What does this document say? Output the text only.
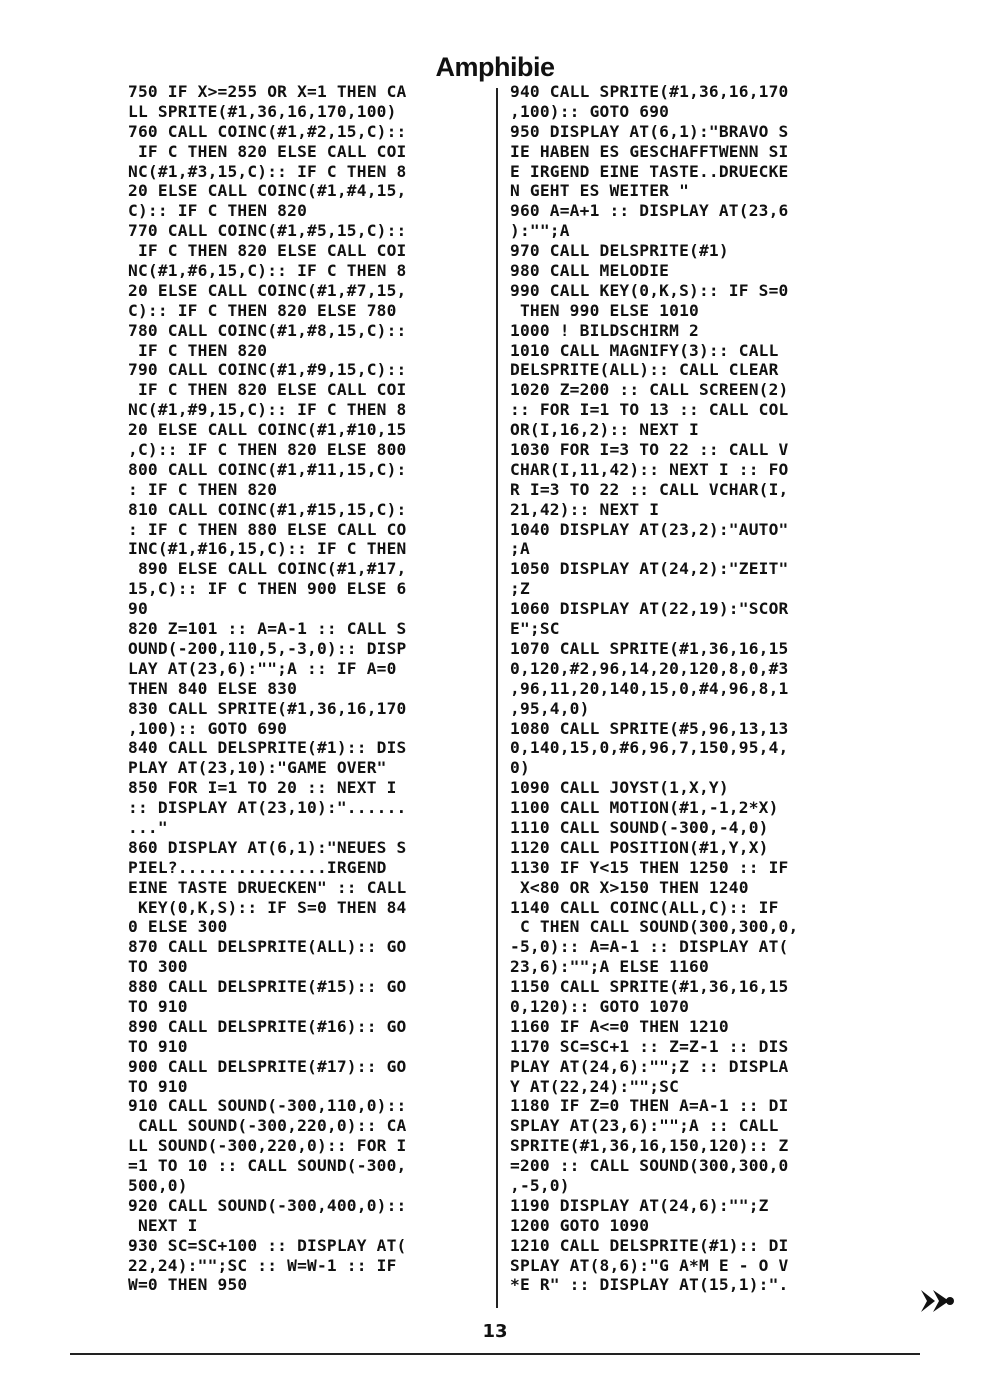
Amphibie
750 IF X>=255 OR X=1 THEN CA
LL SPRITE(#1,36,16,170,100)
760 CALL COINC(#1,#2,15,C)::
IF C THEN 820 ELSE CALL COI
NC(#1,#3,15,C):: IF C THEN 8
20 ELSE CALL COINC(#1,#4,15,
C):: IF C THEN 820
770 CALL COINC(#1,#5,15,C)::
IF C THEN 820 ELSE CALL COI
NC(#1,#6,15,C):: IF C THEN 8
20 ELSE CALL COINC(#1,#7,15,
C):: IF C THEN 820 ELSE 780
780 CALL COINC(#1,#8,15,C)::
IF C THEN 820
790 CALL COINC(#1,#9,15,C)::
IF C THEN 820 ELSE CALL COI
NC(#1,#9,15,C):: IF C THEN 8
20 ELSE CALL COINC(#1,#10,15
,C):: IF C THEN 820 ELSE 800
800 CALL COINC(#1,#11,15,C):
: IF C THEN 820
810 CALL COINC(#1,#15,15,C):
: IF C THEN 880 ELSE CALL CO
INC(#1,#16,15,C):: IF C THEN
890 ELSE CALL COINC(#1,#17,
15,C):: IF C THEN 900 ELSE 6
90
820 Z=101 :: A=A-1 :: CALL S
OUND(-200,110,5,-3,0):: DISP
LAY AT(23,6):"";A :: IF A=0
THEN 840 ELSE 830
830 CALL SPRITE(#1,36,16,170
,100):: GOTO 690
840 CALL DELSPRITE(#1):: DIS
PLAY AT(23,10):"GAME OVER"
850 FOR I=1 TO 20 :: NEXT I
:: DISPLAY AT(23,10):"......
..."
860 DISPLAY AT(6,1):"NEUES S
PIEL?...............IRGEND
EINE TASTE DRUECKEN" :: CALL
KEY(0,K,S):: IF S=0 THEN 84
0 ELSE 300
870 CALL DELSPRITE(ALL):: GO
TO 300
880 CALL DELSPRITE(#15):: GO
TO 910
890 CALL DELSPRITE(#16):: GO
TO 910
900 CALL DELSPRITE(#17):: GO
TO 910
910 CALL SOUND(-300,110,0)::
CALL SOUND(-300,220,0):: CA
LL SOUND(-300,220,0):: FOR I
=1 TO 10 :: CALL SOUND(-300,
500,0)
920 CALL SOUND(-300,400,0)::
NEXT I
930 SC=SC+100 :: DISPLAY AT(
22,24):"";SC :: W=W-1 :: IF
W=0 THEN 950
940 CALL SPRITE(#1,36,16,170
,100):: GOTO 690
950 DISPLAY AT(6,1):"BRAVO S
IE HABEN ES GESCHAFFTWENN SI
E IRGEND EINE TASTE..DRUECKE
N GEHT ES WEITER "
960 A=A+1 :: DISPLAY AT(23,6
):"";A
970 CALL DELSPRITE(#1)
980 CALL MELODIE
990 CALL KEY(0,K,S):: IF S=0
THEN 990 ELSE 1010
1000 ! BILDSCHIRM 2
1010 CALL MAGNIFY(3):: CALL
DELSPRITE(ALL):: CALL CLEAR
1020 Z=200 :: CALL SCREEN(2)
:: FOR I=1 TO 13 :: CALL COL
OR(I,16,2):: NEXT I
1030 FOR I=3 TO 22 :: CALL V
CHAR(I,11,42):: NEXT I :: FO
R I=3 TO 22 :: CALL VCHAR(I,
21,42):: NEXT I
1040 DISPLAY AT(23,2):"AUTO"
;A
1050 DISPLAY AT(24,2):"ZEIT"
;Z
1060 DISPLAY AT(22,19):"SCOR
E";SC
1070 CALL SPRITE(#1,36,16,15
0,120,#2,96,14,20,120,8,0,#3
,96,11,20,140,15,0,#4,96,8,1
,95,4,0)
1080 CALL SPRITE(#5,96,13,13
0,140,15,0,#6,96,7,150,95,4,
0)
1090 CALL JOYST(1,X,Y)
1100 CALL MOTION(#1,-1,2*X)
1110 CALL SOUND(-300,-4,0)
1120 CALL POSITION(#1,Y,X)
1130 IF Y<15 THEN 1250 :: IF
X<80 OR X>150 THEN 1240
1140 CALL COINC(ALL,C):: IF
C THEN CALL SOUND(300,300,0,
-5,0):: A=A-1 :: DISPLAY AT(
23,6):"";A ELSE 1160
1150 CALL SPRITE(#1,36,16,15
0,120):: GOTO 1070
1160 IF A<=0 THEN 1210
1170 SC=SC+1 :: Z=Z-1 :: DIS
PLAY AT(24,6):"";Z :: DISPLA
Y AT(22,24):"";SC
1180 IF Z=0 THEN A=A-1 :: DI
SPLAY AT(23,6):"";A :: CALL
SPRITE(#1,36,16,150,120):: Z
=200 :: CALL SOUND(300,300,0
,-5,0)
1190 DISPLAY AT(24,6):"";Z
1200 GOTO 1090
1210 CALL DELSPRITE(#1):: DI
SPLAY AT(8,6):"G A*M E - O V
*E R" :: DISPLAY AT(15,1):".
13
